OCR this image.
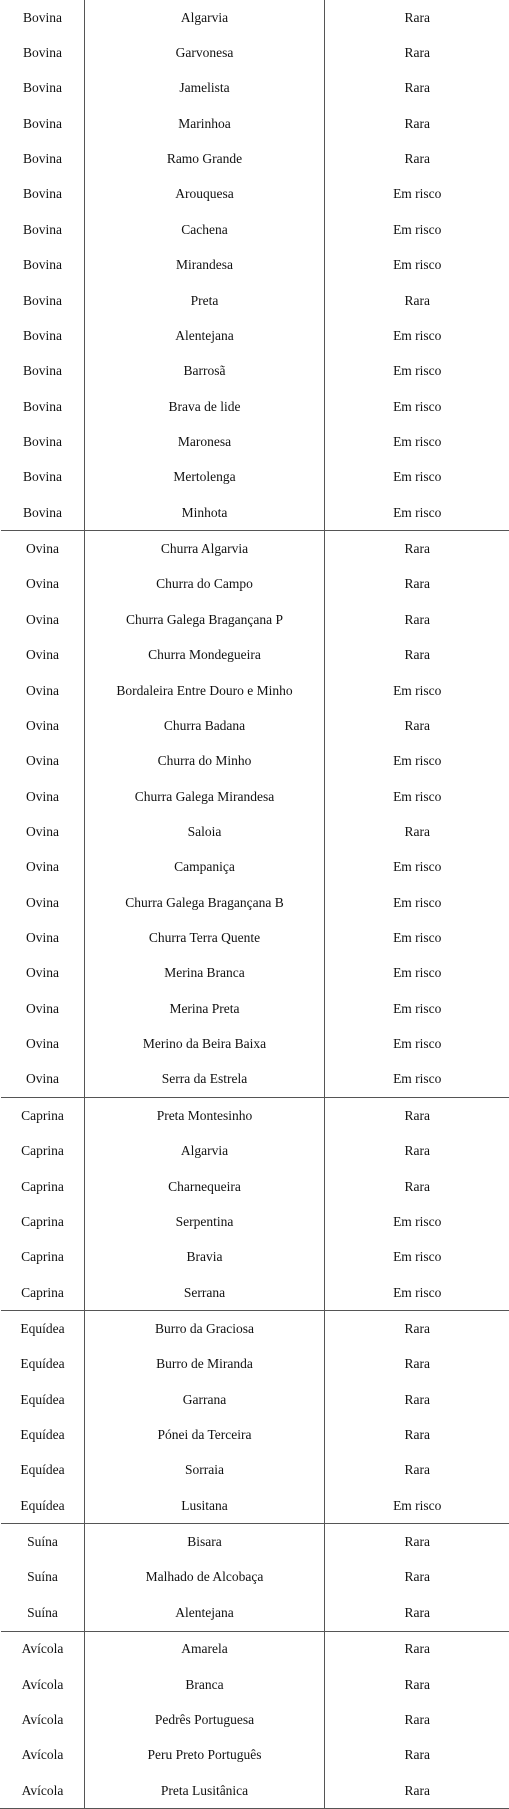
Bovina	Algarvia	Rara
Bovina	Garvonesa	Rara
Bovina	Jamelista	Rara
Bovina	Marinhoa	Rara
Bovina	Ramo Grande	Rara
Bovina	Arouquesa	Em risco
Bovina	Cachena	Em risco
Bovina	Mirandesa	Em risco
Bovina	Preta	Rara
Bovina	Alentejana	Em risco
Bovina	Barrosã	Em risco
Bovina	Brava de lide	Em risco
Bovina	Maronesa	Em risco
Bovina	Mertolenga	Em risco
Bovina	Minhota	Em risco
Ovina	Churra Algarvia	Rara
Ovina	Churra do Campo	Rara
Ovina	Churra Galega Bragançana P	Rara
Ovina	Churra Mondegueira	Rara
Ovina	Bordaleira Entre Douro e Minho	Em risco
Ovina	Churra Badana	Rara
Ovina	Churra do Minho	Em risco
Ovina	Churra Galega Mirandesa	Em risco
Ovina	Saloia	Rara
Ovina	Campaniça	Em risco
Ovina	Churra Galega Bragançana B	Em risco
Ovina	Churra Terra Quente	Em risco
Ovina	Merina Branca	Em risco
Ovina	Merina Preta	Em risco
Ovina	Merino da Beira Baixa	Em risco
Ovina	Serra da Estrela	Em risco
Caprina	Preta Montesinho	Rara
Caprina	Algarvia	Rara
Caprina	Charnequeira	Rara
Caprina	Serpentina	Em risco
Caprina	Bravia	Em risco
Caprina	Serrana	Em risco
Equídea	Burro da Graciosa	Rara
Equídea	Burro de Miranda	Rara
Equídea	Garrana	Rara
Equídea	Pónei da Terceira	Rara
Equídea	Sorraia	Rara
Equídea	Lusitana	Em risco
Suína	Bisara	Rara
Suína	Malhado de Alcobaça	Rara
Suína	Alentejana	Rara
Avícola	Amarela	Rara
Avícola	Branca	Rara
Avícola	Pedrês Portuguesa	Rara
Avícola	Peru Preto Português	Rara
Avícola	Preta Lusitânica	Rara
